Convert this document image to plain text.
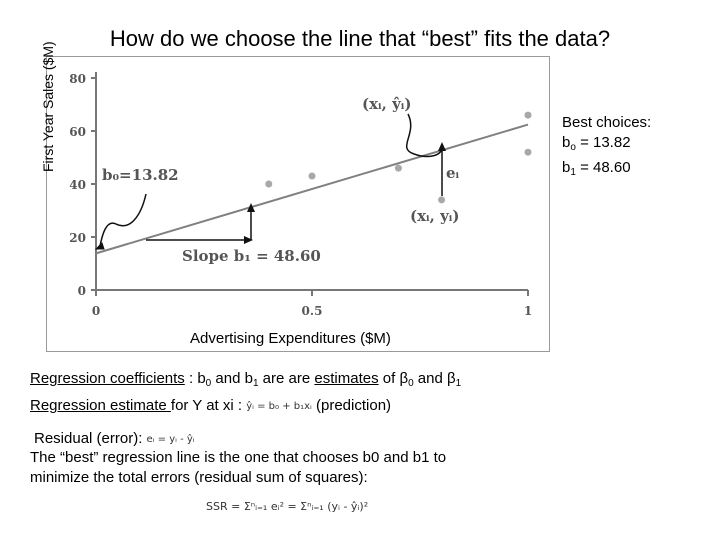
How do we choose the line that “best” fits the data?
0
20
40
60
80
0	0.5	1
b₀=13.82
Slope b₁ = 48.60
(xᵢ, ŷᵢ)
eᵢ
(xᵢ, yᵢ)
First Year Sales ($M)
Advertising Expenditures ($M)
Best choices:
$b_o = 13.82$
$b_1 = 48.60$
Regression coefficients : $b_0$ and $b_1$ are are estimates of $\beta_0$ and $\beta_1$
Regression estimate for Y at xi : ŷᵢ = b₀ + b₁xᵢ (prediction)
Residual (error): eᵢ = yᵢ - ŷᵢ
The “best” regression line is the one that chooses b0 and b1 to
minimize the total errors (residual sum of squares):
SSR = Σⁿᵢ₌₁ eᵢ² = Σⁿᵢ₌₁ (yᵢ - ŷᵢ)²
